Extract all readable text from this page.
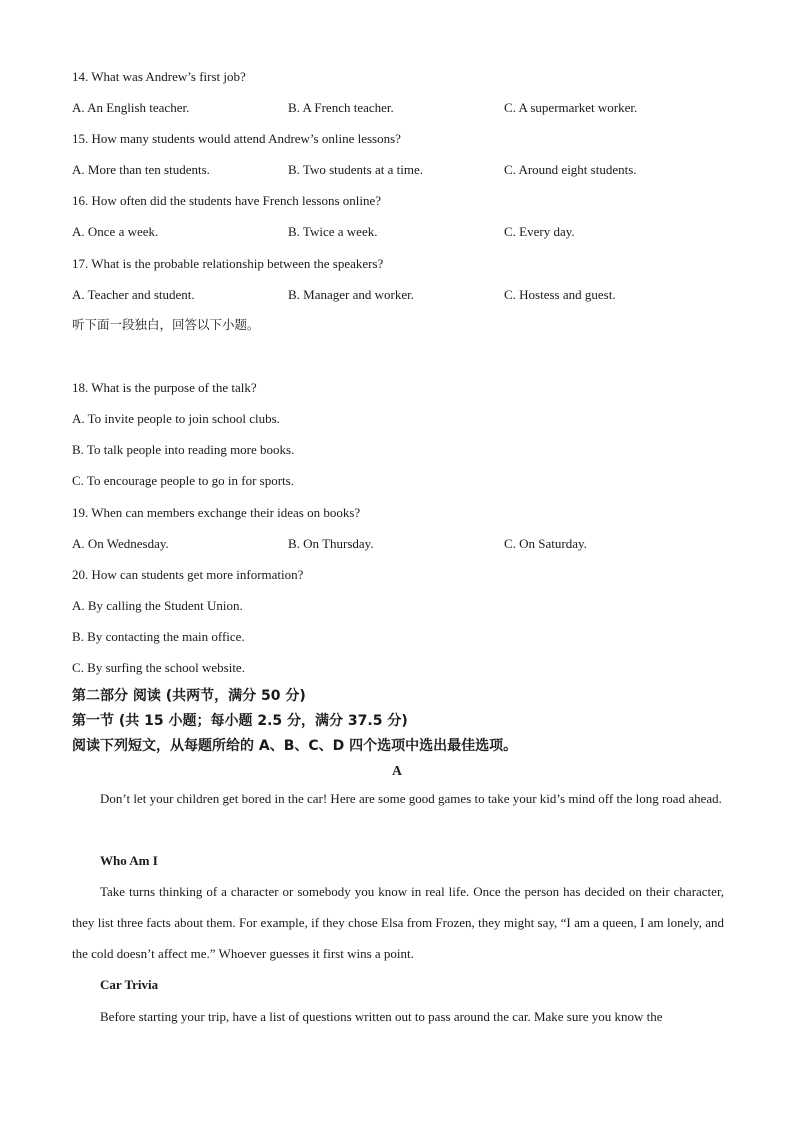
14. What was Andrew’s first job?
A. An English teacher.	B. A French teacher.	C. A supermarket worker.
15. How many students would attend Andrew’s online lessons?
A. More than ten students.	B. Two students at a time.	C. Around eight students.
16. How often did the students have French lessons online?
A. Once a week.	B. Twice a week.	C. Every day.
17. What is the probable relationship between the speakers?
A. Teacher and student.	B. Manager and worker.	C. Hostess and guest.
听下面一段独白，回答以下小题。
18. What is the purpose of the talk?
A. To invite people to join school clubs.
B. To talk people into reading more books.
C. To encourage people to go in for sports.
19. When can members exchange their ideas on books?
A. On Wednesday.	B. On Thursday.	C. On Saturday.
20. How can students get more information?
A. By calling the Student Union.
B. By contacting the main office.
C. By surfing the school website.
第二部分 阅读 (共两节，满分 50 分)
第一节 (共 15 小题；每小题 2.5 分，满分 37.5 分)
阅读下列短文，从每题所给的 A、B、C、D 四个选项中选出最佳选项。
A
Don’t let your children get bored in the car! Here are some good games to take your kid’s mind off the long road ahead.
Who Am I
Take turns thinking of a character or somebody you know in real life. Once the person has decided on their character, they list three facts about them. For example, if they chose Elsa from Frozen, they might say, “I am a queen, I am lonely, and the cold doesn’t affect me.” Whoever guesses it first wins a point.
Car Trivia
Before starting your trip, have a list of questions written out to pass around the car. Make sure you know the
